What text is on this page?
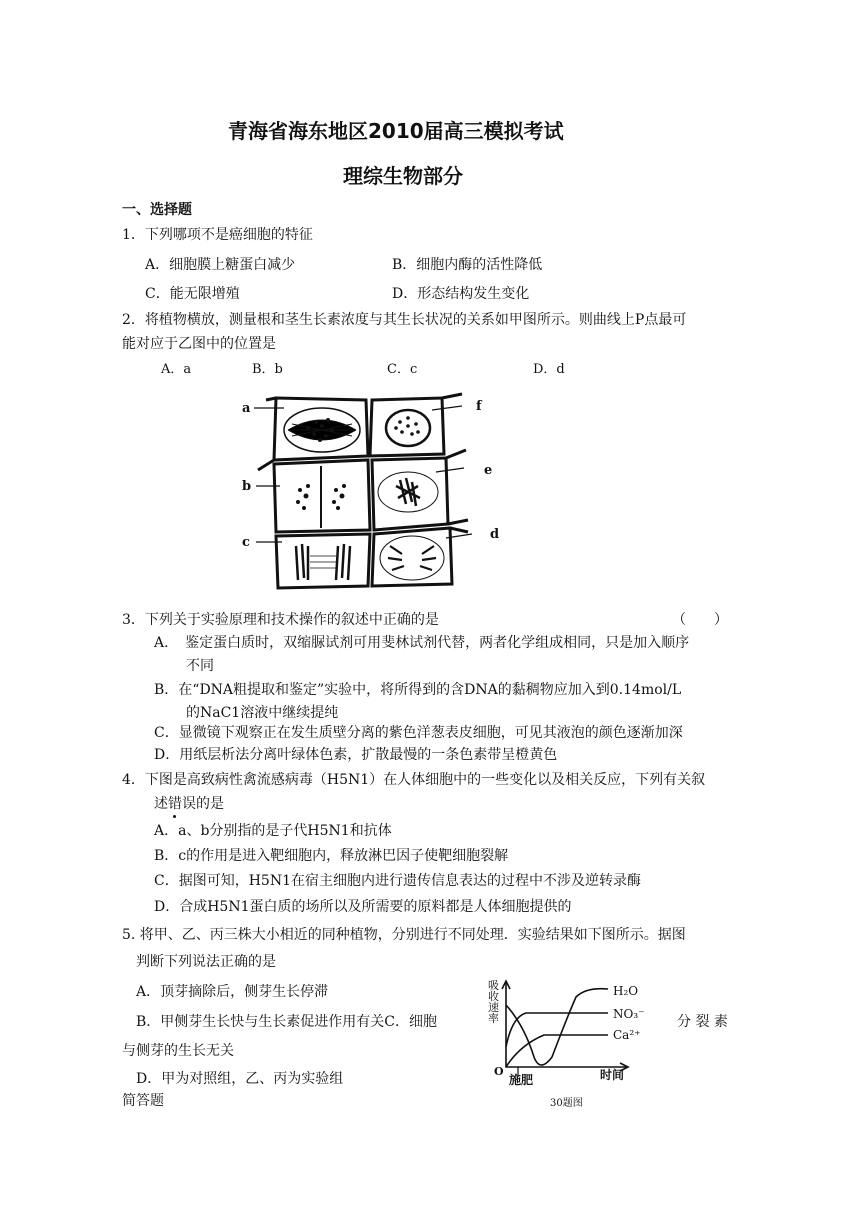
青海省海东地区2010届高三模拟考试
理综生物部分
一、选择题
1．下列哪项不是癌细胞的特征
A．细胞膜上糖蛋白减少	B．细胞内酶的活性降低
C．能无限增殖	D．形态结构发生变化
2．将植物横放，测量根和茎生长素浓度与其生长状况的关系如甲图所示。则曲线上P点最可
能对应于乙图中的位置是
A．a	B．b	C．c	D．d
a
b
c
d
e
f
3．下列关于实验原理和技术操作的叙述中正确的是	（　　）
A．　鉴定蛋白质时，双缩脲试剂可用斐林试剂代替，两者化学组成相同，只是加入顺序
不同
B．在“DNA粗提取和鉴定”实验中，将所得到的含DNA的黏稠物应加入到0.14mol/L
的NaC1溶液中继续提纯
C．显微镜下观察正在发生质壁分离的紫色洋葱表皮细胞，可见其液泡的颜色逐渐加深
D．用纸层析法分离叶绿体色素，扩散最慢的一条色素带呈橙黄色
4．下图是高致病性禽流感病毒（H5N1）在人体细胞中的一些变化以及相关反应，下列有关叙
述错误的是
A．a、b分别指的是子代H5N1和抗体
B．c的作用是进入靶细胞内，释放淋巴因子使靶细胞裂解
C．据图可知，H5N1在宿主细胞内进行遗传信息表达的过程中不涉及逆转录酶
D．合成H5N1蛋白质的场所以及所需要的原料都是人体细胞提供的
5. 将甲、乙、丙三株大小相近的同种植物，分别进行不同处理．实验结果如下图所示。据图
判断下列说法正确的是
A．顶芽摘除后，侧芽生长停滞
B．甲侧芽生长快与生长素促进作用有关C．细胞	分 裂 素
与侧芽的生长无关
D．甲为对照组，乙、丙为实验组
简答题
吸
收
速
率
O
施肥	时间
H₂O
NO₃⁻
Ca²⁺
30题图
